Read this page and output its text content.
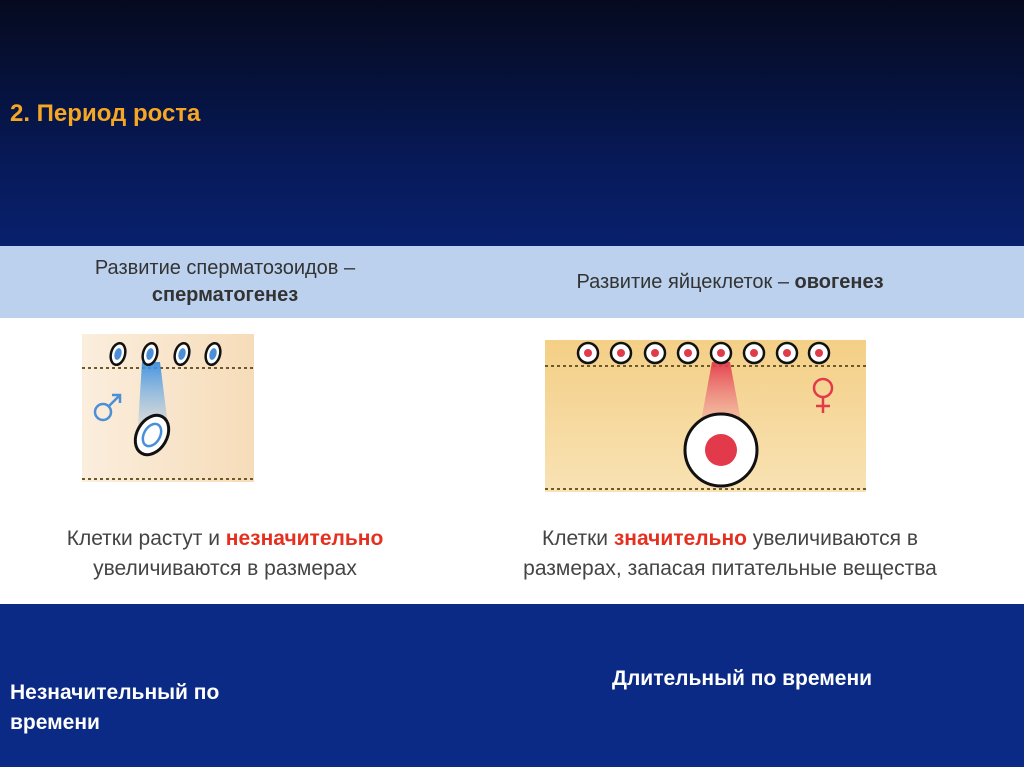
2. Период роста
Развитие сперматозоидов –
сперматогенез
Развитие яйцеклеток – овогенез
Клетки растут и незначительно
увеличиваются в размерах
Клетки значительно увеличиваются в
размерах, запасая питательные вещества
Незначительный по времени
Длительный по времени
